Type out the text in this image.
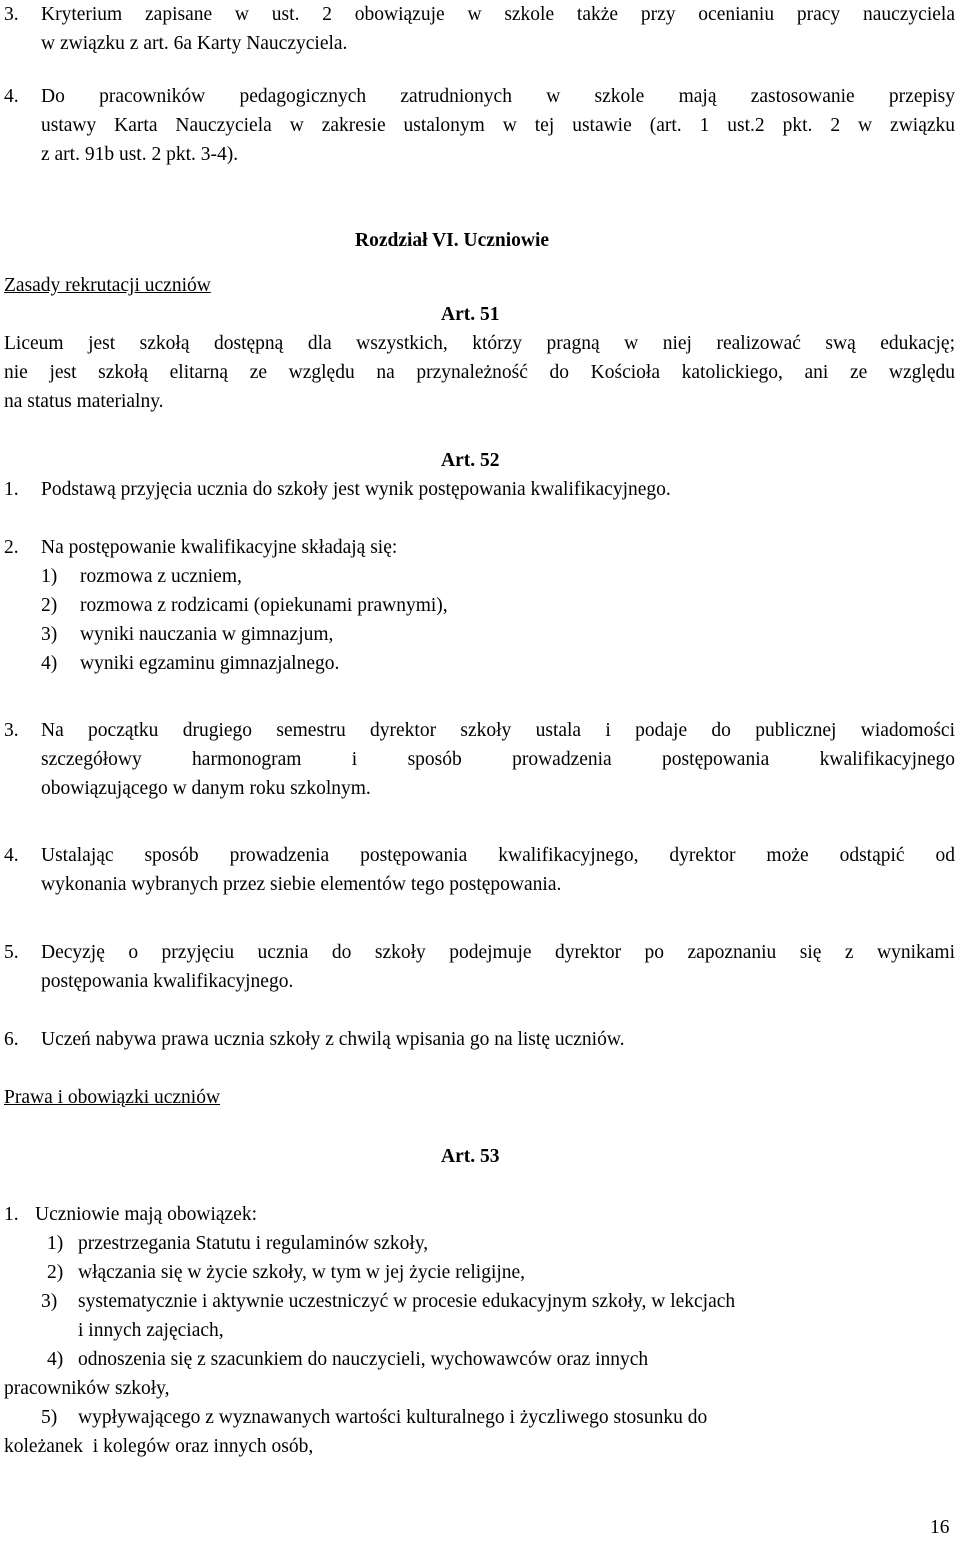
3. Kryterium zapisane w ust. 2 obowiązuje w szkole także przy ocenianiu pracy nauczyciela
w związku z art. 6a Karty Nauczyciela.
4. Do pracowników pedagogicznych zatrudnionych w szkole mają zastosowanie przepisy
ustawy Karta Nauczyciela w zakresie ustalonym w tej ustawie (art. 1 ust.2 pkt. 2 w związku
z art. 91b ust. 2 pkt. 3-4).
Rozdział VI. Uczniowie
Zasady rekrutacji uczniów
Art. 51
Liceum jest szkołą dostępną dla wszystkich, którzy pragną w niej realizować swą edukację;
nie jest szkołą elitarną ze względu na przynależność do Kościoła katolickiego, ani ze względu
na status materialny.
Art. 52
1. Podstawą przyjęcia ucznia do szkoły jest wynik postępowania kwalifikacyjnego.
2. Na postępowanie kwalifikacyjne składają się:
1) rozmowa z uczniem,
2) rozmowa z rodzicami (opiekunami prawnymi),
3) wyniki nauczania w gimnazjum,
4) wyniki egzaminu gimnazjalnego.
3. Na początku drugiego semestru dyrektor szkoły ustala i podaje do publicznej wiadomości
szczegółowy harmonogram i sposób prowadzenia postępowania kwalifikacyjnego
obowiązującego w danym roku szkolnym.
4. Ustalając sposób prowadzenia postępowania kwalifikacyjnego, dyrektor może odstąpić od
wykonania wybranych przez siebie elementów tego postępowania.
5. Decyzję o przyjęciu ucznia do szkoły podejmuje dyrektor po zapoznaniu się z wynikami
postępowania kwalifikacyjnego.
6. Uczeń nabywa prawa ucznia szkoły z chwilą wpisania go na listę uczniów.
Prawa i obowiązki uczniów
Art. 53
1. Uczniowie mają obowiązek:
1) przestrzegania Statutu i regulaminów szkoły,
2) włączania się w życie szkoły, w tym w jej życie religijne,
3) systematycznie i aktywnie uczestniczyć w procesie edukacyjnym szkoły, w lekcjach
i innych zajęciach,
4) odnoszenia się z szacunkiem do nauczycieli, wychowawców oraz innych
pracowników szkoły,
5) wypływającego z wyznawanych wartości kulturalnego i życzliwego stosunku do
koleżanek  i kolegów oraz innych osób,
16
